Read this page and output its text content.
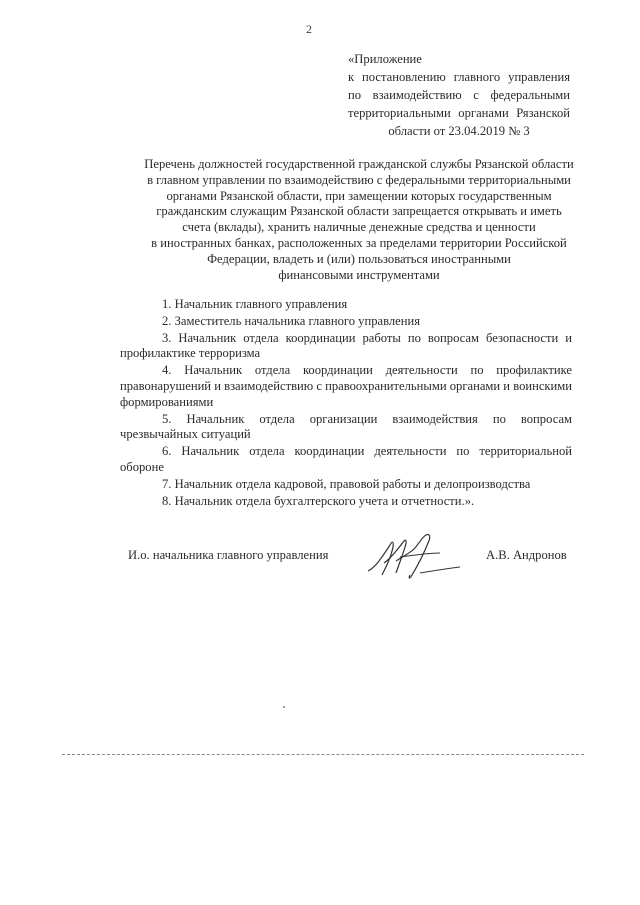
2
«Приложение
к постановлению главного управления
по взаимодействию с федеральными
территориальными органами Рязанской
области от 23.04.2019 № 3
Перечень должностей государственной гражданской службы Рязанской области
в главном управлении по взаимодействию с федеральными территориальными
органами Рязанской области, при замещении которых государственным
гражданским служащим Рязанской области запрещается открывать и иметь
счета (вклады), хранить наличные денежные средства и ценности
в иностранных банках, расположенных за пределами территории Российской
Федерации, владеть и (или) пользоваться иностранными
финансовыми инструментами

1. Начальник главного управления

2. Заместитель начальника главного управления

3. Начальник отдела координации работы по вопросам безопасности и профилактике терроризма

4. Начальник отдела координации деятельности по профилактике правонарушений и взаимодействию с правоохранительными органами и воинскими формированиями

5. Начальник отдела организации взаимодействия по вопросам чрезвычайных ситуаций

6. Начальник отдела координации деятельности по территориальной обороне

7. Начальник отдела кадровой, правовой работы и делопроизводства

8. Начальник отдела бухгалтерского учета и отчетности.».

И.о. начальника главного управления	А.В. Андронов
